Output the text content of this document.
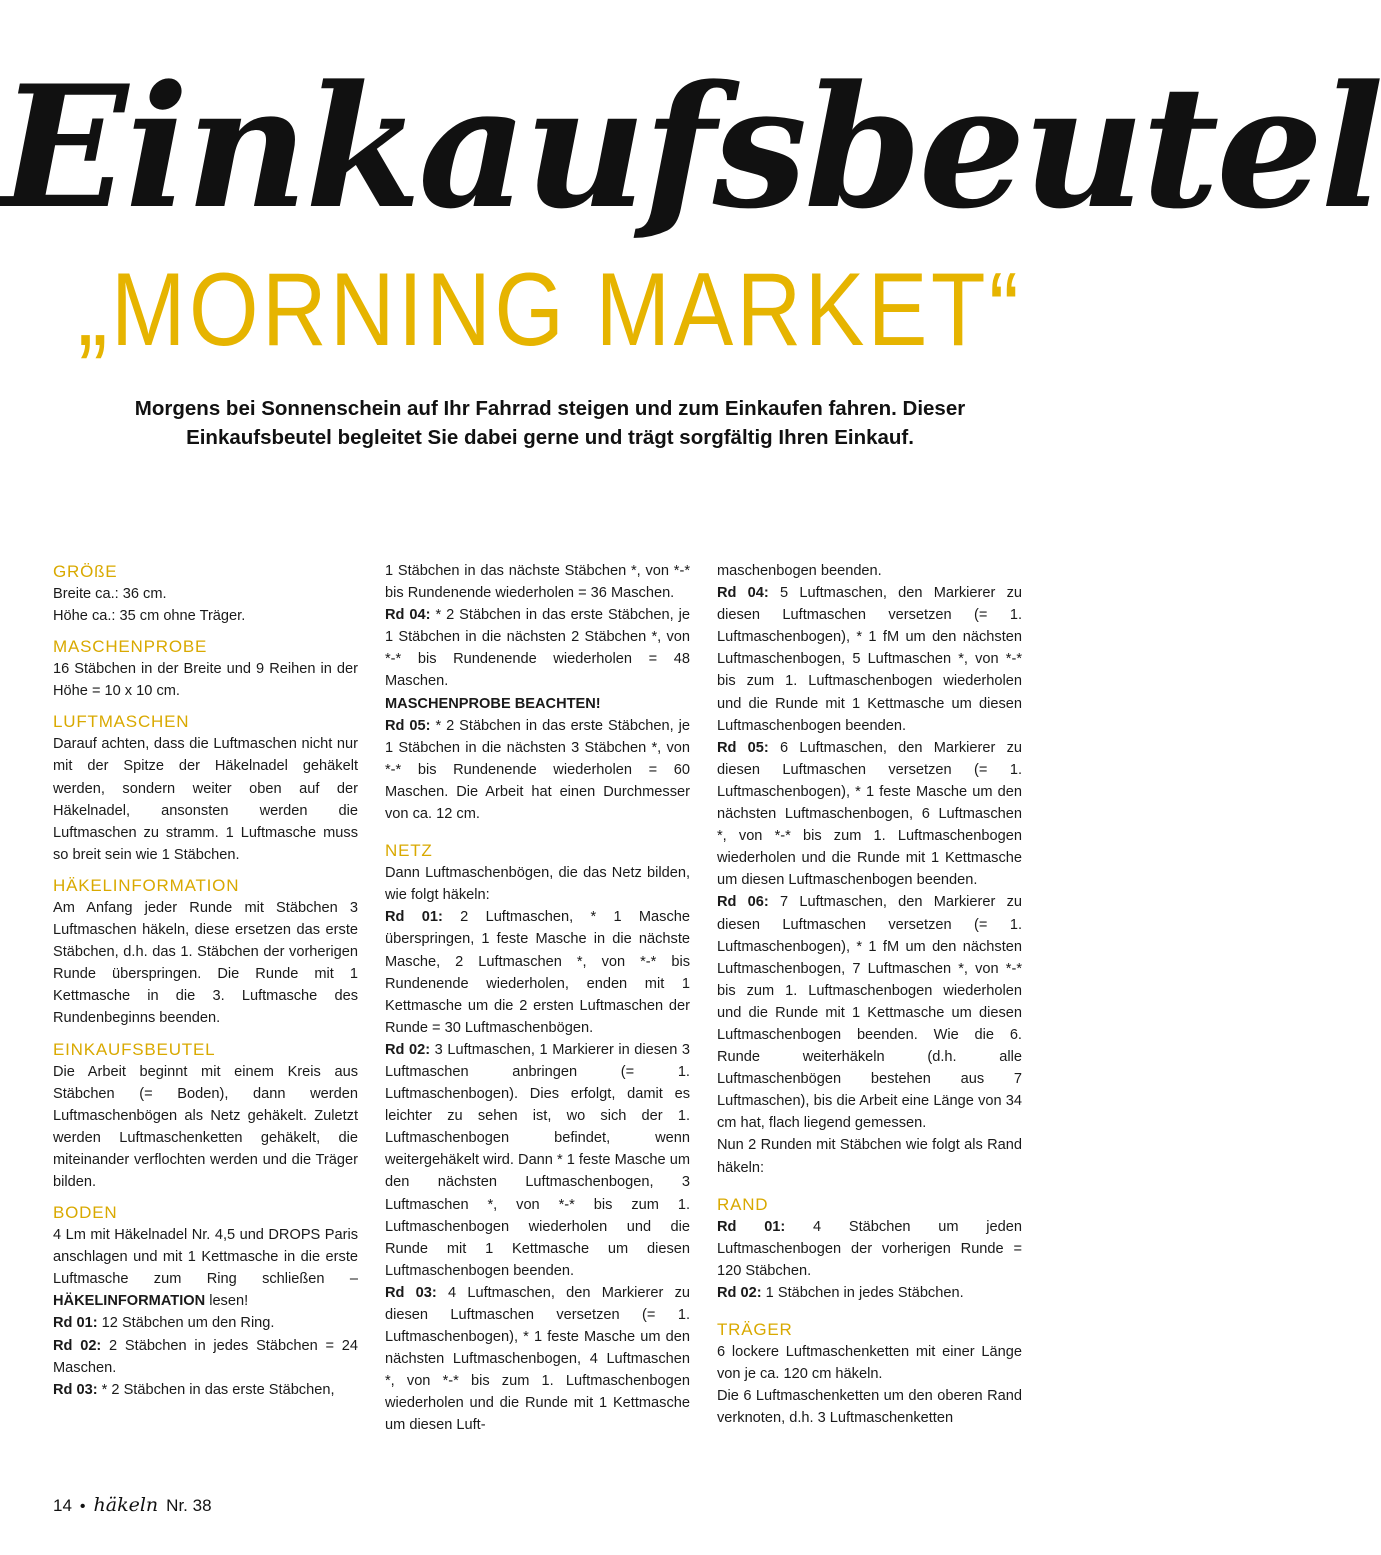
Einkaufsbeutel
„MORNING MARKET“
Morgens bei Sonnenschein auf Ihr Fahrrad steigen und zum Einkaufen fahren. Dieser Einkaufsbeutel begleitet Sie dabei gerne und trägt sorgfältig Ihren Einkauf.
GRÖßE

Breite ca.: 36 cm.

Höhe ca.: 35 cm ohne Träger.

MASCHENPROBE

16 Stäbchen in der Breite und 9 Reihen in der Höhe = 10 x 10 cm.

LUFTMASCHEN

Darauf achten, dass die Luftmaschen nicht nur mit der Spitze der Häkelnadel gehäkelt werden, sondern weiter oben auf der Häkelnadel, ansonsten werden die Luftmaschen zu stramm. 1 Luftmasche muss so breit sein wie 1 Stäbchen.

HÄKELINFORMATION

Am Anfang jeder Runde mit Stäbchen 3 Luftmaschen häkeln, diese ersetzen das erste Stäbchen, d.h. das 1. Stäbchen der vorherigen Runde überspringen. Die Runde mit 1 Kettmasche in die 3. Luftmasche des Rundenbeginns beenden.

EINKAUFSBEUTEL

Die Arbeit beginnt mit einem Kreis aus Stäbchen (= Boden), dann werden Luftmaschenbögen als Netz gehäkelt. Zuletzt werden Luftmaschenketten gehäkelt, die miteinander verflochten werden und die Träger bilden.

BODEN

4 Lm mit Häkelnadel Nr. 4,5 und DROPS Paris anschlagen und mit 1 Kettmasche in die erste Luftmasche zum Ring schließen – HÄKELINFORMATION lesen!

Rd 01: 12 Stäbchen um den Ring.

Rd 02: 2 Stäbchen in jedes Stäbchen = 24 Maschen.

Rd 03: * 2 Stäbchen in das erste Stäbchen,

1 Stäbchen in das nächste Stäbchen *, von *-* bis Rundenende wiederholen = 36 Maschen.

Rd 04: * 2 Stäbchen in das erste Stäbchen, je 1 Stäbchen in die nächsten 2 Stäbchen *, von *-* bis Rundenende wiederholen = 48 Maschen.

MASCHENPROBE BEACHTEN!

Rd 05: * 2 Stäbchen in das erste Stäbchen, je 1 Stäbchen in die nächsten 3 Stäbchen *, von *-* bis Rundenende wiederholen = 60 Maschen. Die Arbeit hat einen Durchmesser von ca. 12 cm.

NETZ

Dann Luftmaschenbögen, die das Netz bilden, wie folgt häkeln:

Rd 01: 2 Luftmaschen, * 1 Masche überspringen, 1 feste Masche in die nächste Masche, 2 Luftmaschen *, von *-* bis Rundenende wiederholen, enden mit 1 Kettmasche um die 2 ersten Luftmaschen der Runde = 30 Luftmaschenbögen.

Rd 02: 3 Luftmaschen, 1 Markierer in diesen 3 Luftmaschen anbringen (= 1. Luftmaschenbogen). Dies erfolgt, damit es leichter zu sehen ist, wo sich der 1. Luftmaschenbogen befindet, wenn weitergehäkelt wird. Dann * 1 feste Masche um den nächsten Luftmaschenbogen, 3 Luftmaschen *, von *-* bis zum 1. Luftmaschenbogen wiederholen und die Runde mit 1 Kettmasche um diesen Luftmaschenbogen beenden.

Rd 03: 4 Luftmaschen, den Markierer zu diesen Luftmaschen versetzen (= 1. Luftmaschenbogen), * 1 feste Masche um den nächsten Luftmaschenbogen, 4 Luftmaschen *, von *-* bis zum 1. Luftmaschenbogen wiederholen und die Runde mit 1 Kettmasche um diesen Luft-

maschenbogen beenden.

Rd 04: 5 Luftmaschen, den Markierer zu diesen Luftmaschen versetzen (= 1. Luftmaschenbogen), * 1 fM um den nächsten Luftmaschenbogen, 5 Luftmaschen *, von *-* bis zum 1. Luftmaschenbogen wiederholen und die Runde mit 1 Kettmasche um diesen Luftmaschenbogen beenden.

Rd 05: 6 Luftmaschen, den Markierer zu diesen Luftmaschen versetzen (= 1. Luftmaschenbogen), * 1 feste Masche um den nächsten Luftmaschenbogen, 6 Luftmaschen *, von *-* bis zum 1. Luftmaschenbogen wiederholen und die Runde mit 1 Kettmasche um diesen Luftmaschenbogen beenden.

Rd 06: 7 Luftmaschen, den Markierer zu diesen Luftmaschen versetzen (= 1. Luftmaschenbogen), * 1 fM um den nächsten Luftmaschenbogen, 7 Luftmaschen *, von *-* bis zum 1. Luftmaschenbogen wiederholen und die Runde mit 1 Kettmasche um diesen Luftmaschenbogen beenden. Wie die 6. Runde weiterhäkeln (d.h. alle Luftmaschenbögen bestehen aus 7 Luftmaschen), bis die Arbeit eine Länge von 34 cm hat, flach liegend gemessen.

Nun 2 Runden mit Stäbchen wie folgt als Rand häkeln:

RAND

Rd 01: 4 Stäbchen um jeden Luftmaschenbogen der vorherigen Runde = 120 Stäbchen.

Rd 02: 1 Stäbchen in jedes Stäbchen.

TRÄGER

6 lockere Luftmaschenketten mit einer Länge von je ca. 120 cm häkeln.

Die 6 Luftmaschenketten um den oberen Rand verknoten, d.h. 3 Luftmaschenketten

14 • häkeln Nr. 38
